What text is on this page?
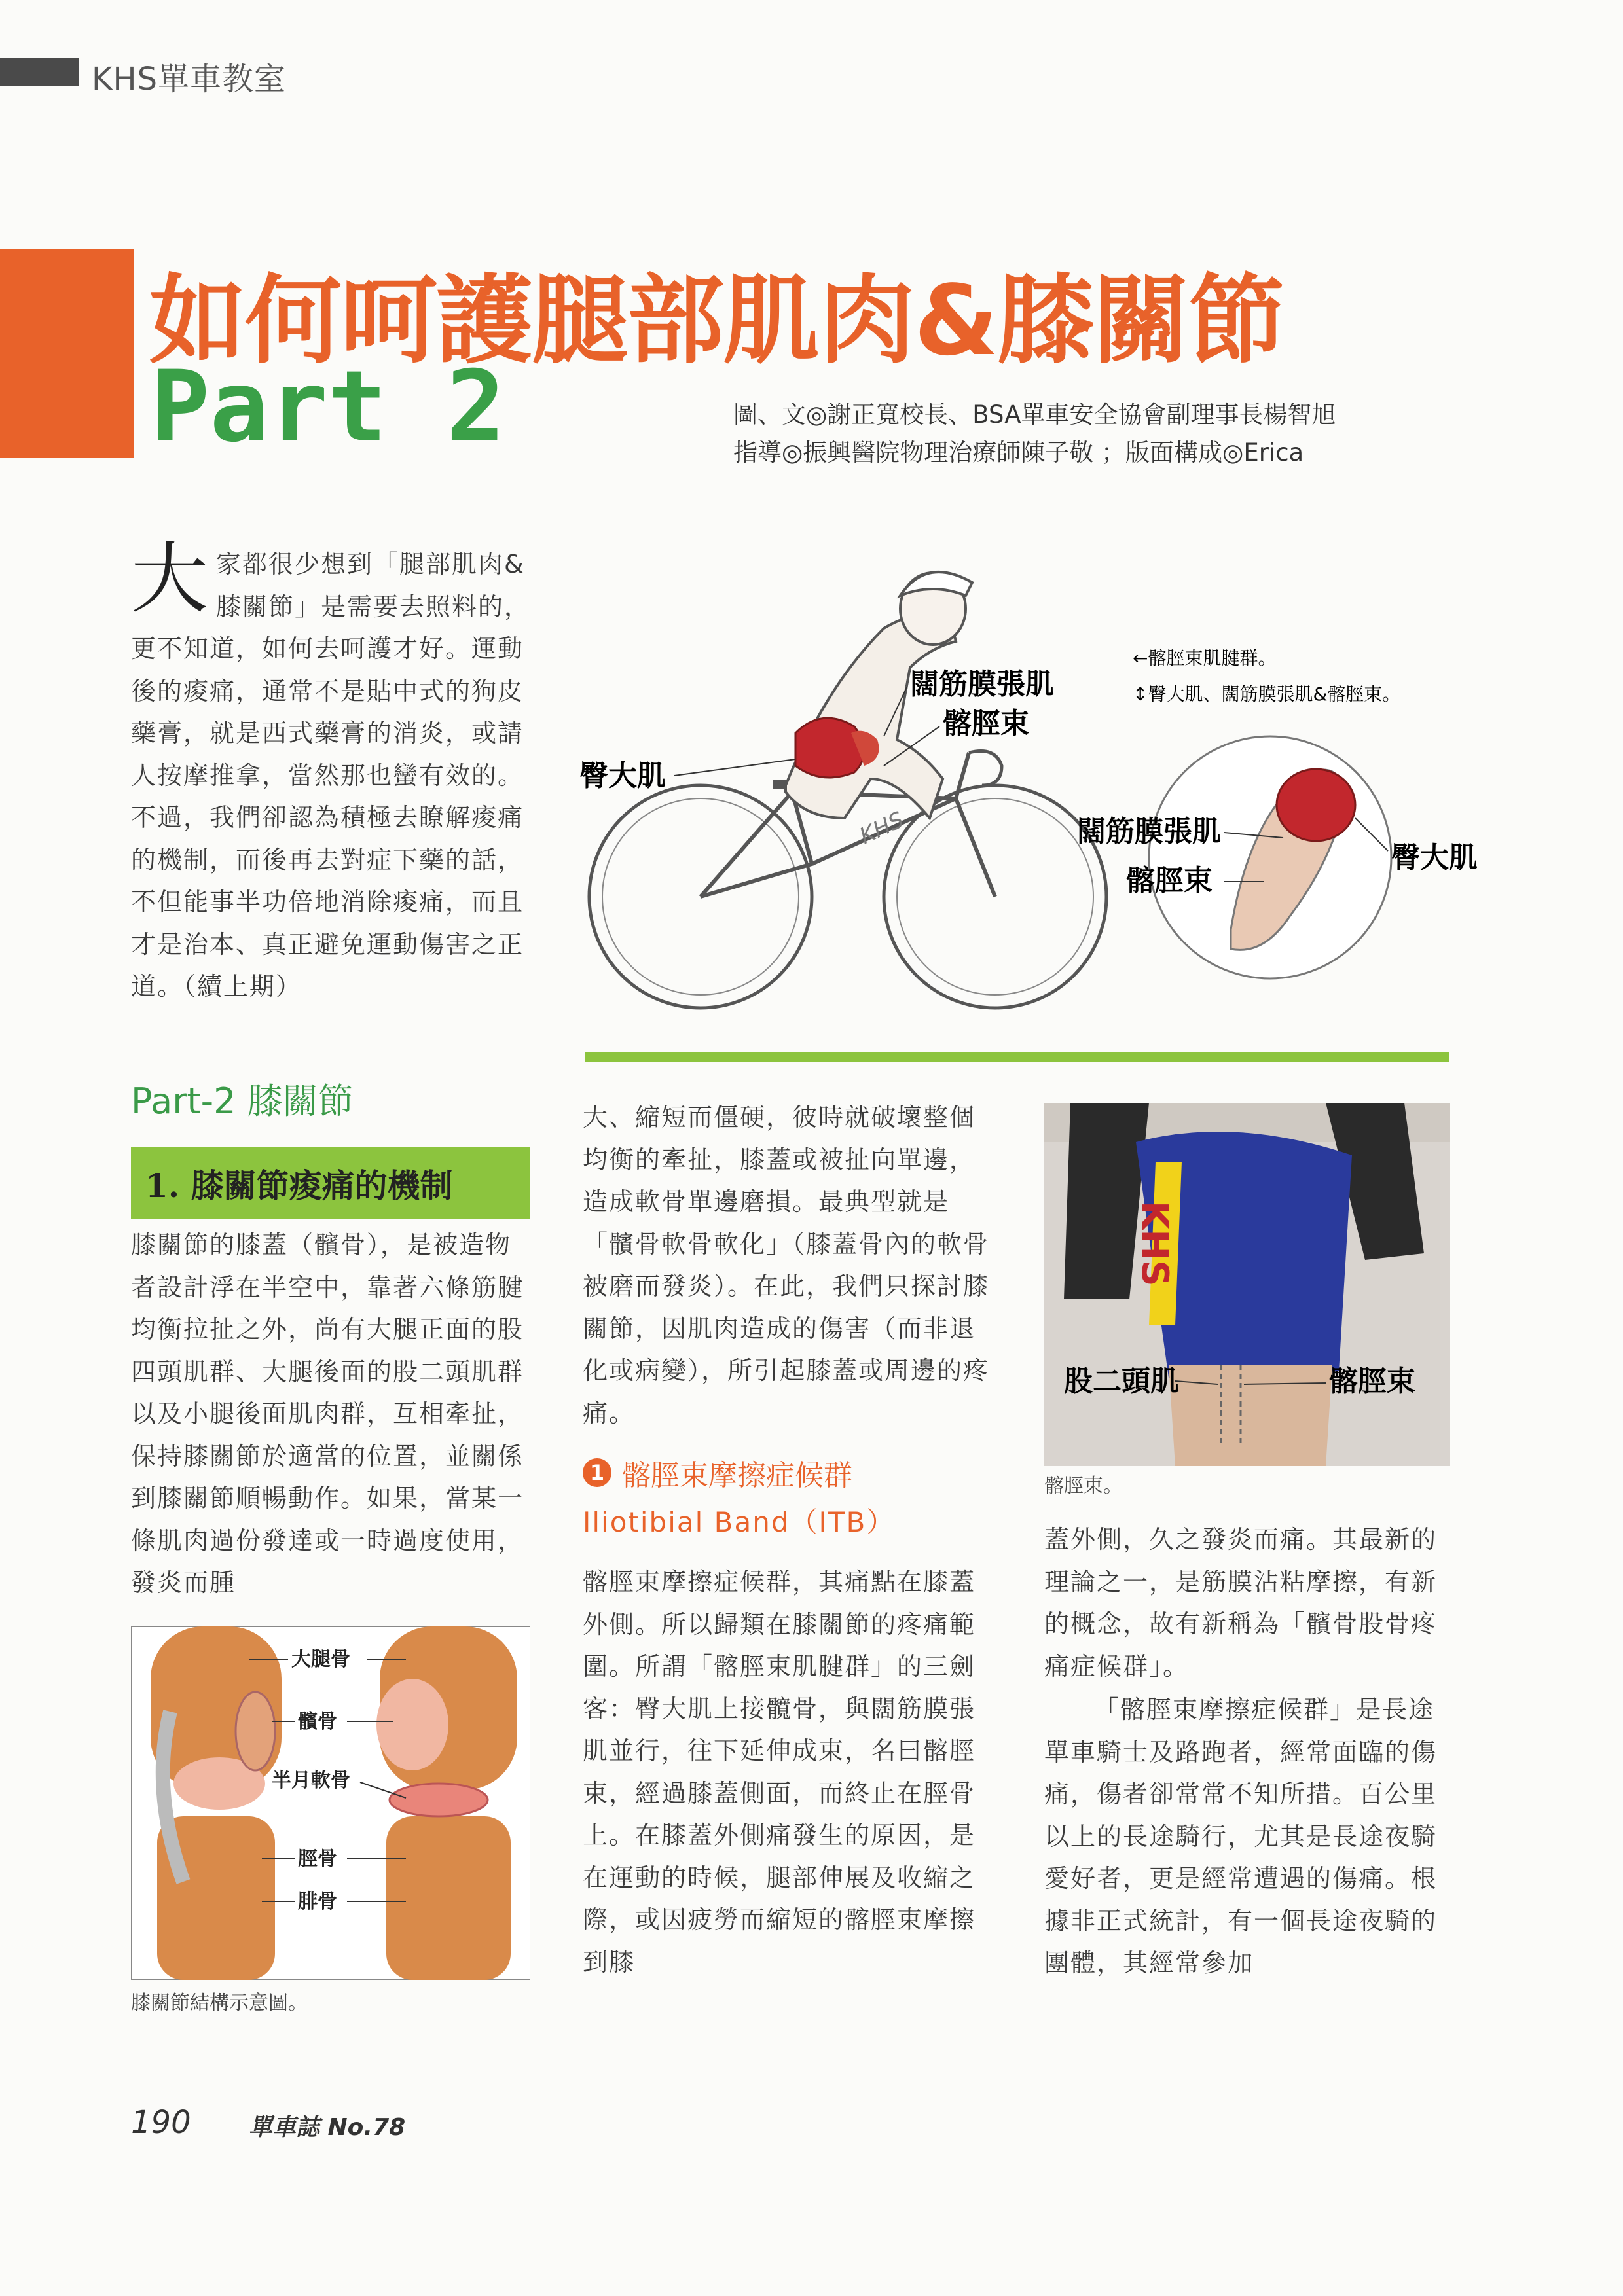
KHS單車教室
如何呵護腿部肌肉&膝關節
Part 2	圖、文◎謝正寬校長、BSA單車安全協會副理事長楊智旭
指導◎振興醫院物理治療師陳子敬 ；版面構成◎Erica
大 家都很少想到「腿部肌肉&膝關節」是需要去照料的，更不知道，如何去呵護才好。運動後的痠痛，通常不是貼中式的狗皮藥膏，就是西式藥膏的消炎，或請人按摩推拿，當然那也蠻有效的。不過，我們卻認為積極去瞭解痠痛的機制，而後再去對症下藥的話，不但能事半功倍地消除痠痛，而且才是治本、真正避免運動傷害之正道。（續上期）
KHS
闊筋膜張肌
髂脛束
臀大肌
←髂脛束肌腱群。
↕臀大肌、闊筋膜張肌&髂脛束。
闊筋膜張肌
髂脛束
臀大肌
Part-2 膝關節
1. 膝關節痠痛的機制
膝關節的膝蓋（髕骨），是被造物者設計浮在半空中，靠著六條筋腱均衡拉扯之外，尚有大腿正面的股四頭肌群、大腿後面的股二頭肌群以及小腿後面肌肉群，互相牽扯，保持膝關節於適當的位置，並關係到膝關節順暢動作。如果，當某一條肌肉過份發達或一時過度使用，發炎而腫
大腿骨
髕骨
半月軟骨
脛骨
腓骨
膝關節結構示意圖。
大、縮短而僵硬，彼時就破壞整個均衡的牽扯，膝蓋或被扯向單邊，造成軟骨單邊磨損。最典型就是「髕骨軟骨軟化」（膝蓋骨內的軟骨被磨而發炎）。在此，我們只探討膝關節，因肌肉造成的傷害（而非退化或病變），所引起膝蓋或周邊的疼痛。
1 髂脛束摩擦症候群
Iliotibial Band（ITB）
髂脛束摩擦症候群，其痛點在膝蓋外側。所以歸類在膝關節的疼痛範圍。所謂「髂脛束肌腱群」的三劍客：臀大肌上接髖骨，與闊筋膜張肌並行，往下延伸成束，名曰髂脛束，經過膝蓋側面，而終止在脛骨上。在膝蓋外側痛發生的原因，是在運動的時候，腿部伸展及收縮之際，或因疲勞而縮短的髂脛束摩擦到膝
KHS
股二頭肌	髂脛束
髂脛束。
蓋外側，久之發炎而痛。其最新的理論之一，是筋膜沾粘摩擦，有新的概念，故有新稱為「髕骨股骨疼痛症候群」。
「髂脛束摩擦症候群」是長途單車騎士及路跑者，經常面臨的傷痛，傷者卻常常不知所措。百公里以上的長途騎行，尤其是長途夜騎愛好者，更是經常遭遇的傷痛。根據非正式統計，有一個長途夜騎的團體，其經常參加
190 單車誌 No.78
